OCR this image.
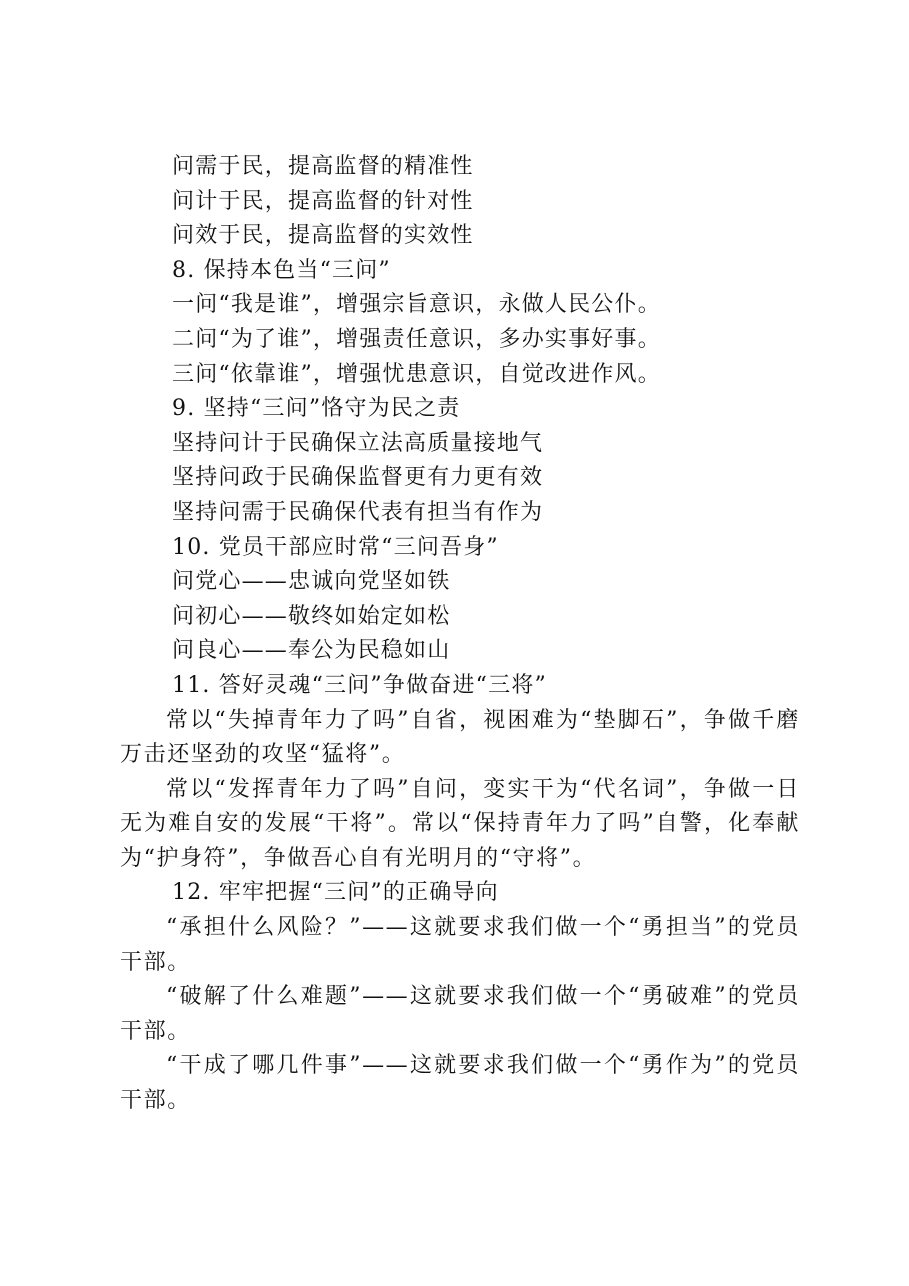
问需于民，提高监督的精准性
问计于民，提高监督的针对性
问效于民，提高监督的实效性
8. 保持本色当“三问”
一问“我是谁”，增强宗旨意识，永做人民公仆。
二问“为了谁”，增强责任意识，多办实事好事。
三问“依靠谁”，增强忧患意识，自觉改进作风。
9. 坚持“三问”恪守为民之责
坚持问计于民确保立法高质量接地气
坚持问政于民确保监督更有力更有效
坚持问需于民确保代表有担当有作为
10. 党员干部应时常“三问吾身”
问党心——忠诚向党坚如铁
问初心——敬终如始定如松
问良心——奉公为民稳如山
11. 答好灵魂“三问”争做奋进“三将”

常以“失掉青年力了吗”自省，视困难为“垫脚石”，争做千磨万击还坚劲的攻坚“猛将”。

常以“发挥青年力了吗”自问，变实干为“代名词”，争做一日无为难自安的发展“干将”。常以“保持青年力了吗”自警，化奉献为“护身符”，争做吾心自有光明月的“守将”。

12. 牢牢把握“三问”的正确导向

“承担什么风险？”——这就要求我们做一个“勇担当”的党员干部。

“破解了什么难题”——这就要求我们做一个“勇破难”的党员干部。

“干成了哪几件事”——这就要求我们做一个“勇作为”的党员干部。
